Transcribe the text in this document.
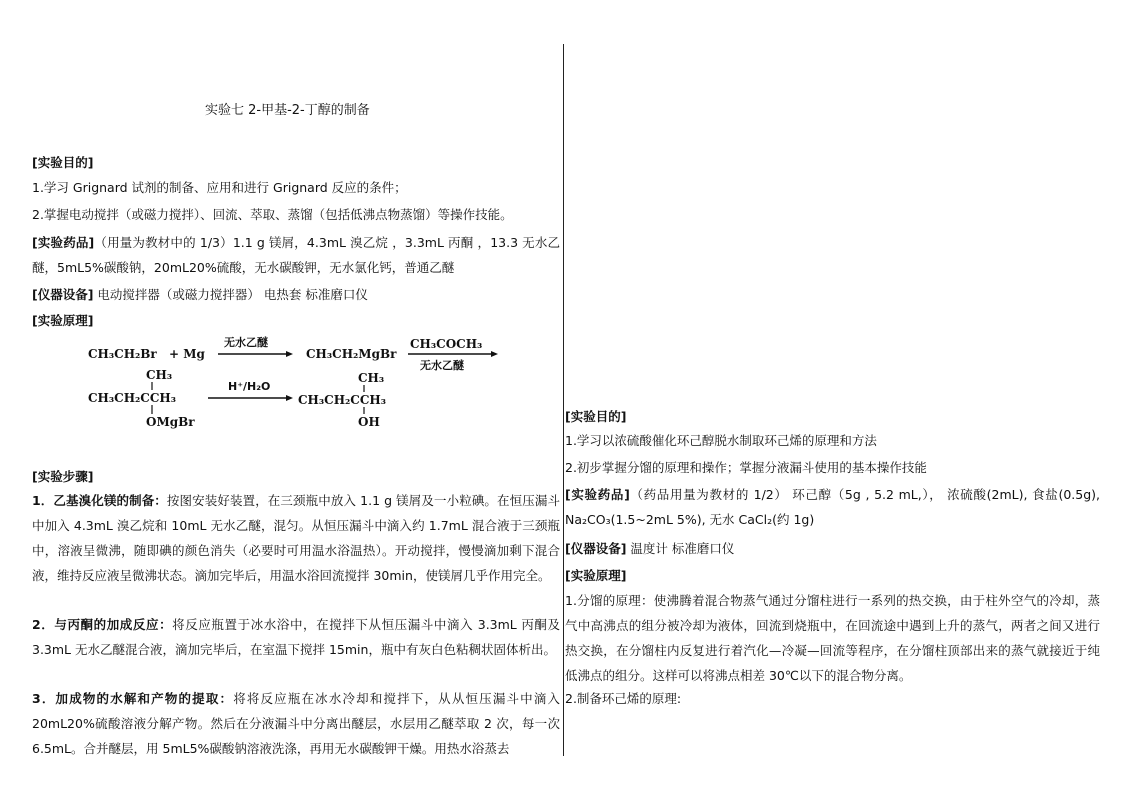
实验七 2-甲基-2-丁醇的制备
[实验目的]
1.学习 Grignard 试剂的制备、应用和进行 Grignard 反应的条件；
2.掌握电动搅拌（或磁力搅拌）、回流、萃取、蒸馏（包括低沸点物蒸馏）等操作技能。
[实验药品]（用量为教材中的 1/3）1.1 g 镁屑，4.3mL 溴乙烷 ，3.3mL 丙酮 ，13.3 无水乙醚，5mL5%碳酸钠，20mL20%硫酸，无水碳酸钾，无水氯化钙，普通乙醚
[仪器设备] 电动搅拌器（或磁力搅拌器） 电热套 标准磨口仪
[实验原理]
CH₃CH₂Br + Mg
无水乙醚
CH₃CH₂MgBr
CH₃COCH₃
无水乙醚
CH₃
CH₃CH₂CCH₃
OMgBr
H⁺/H₂O
CH₃
CH₃CH₂CCH₃
OH
[实验步骤]
1．乙基溴化镁的制备：按图安装好装置，在三颈瓶中放入 1.1 g 镁屑及一小粒碘。在恒压漏斗中加入 4.3mL 溴乙烷和 10mL 无水乙醚，混匀。从恒压漏斗中滴入约 1.7mL 混合液于三颈瓶中，溶液呈微沸，随即碘的颜色消失（必要时可用温水浴温热）。开动搅拌，慢慢滴加剩下混合液，维持反应液呈微沸状态。滴加完毕后，用温水浴回流搅拌 30min，使镁屑几乎作用完全。
2．与丙酮的加成反应：将反应瓶置于冰水浴中，在搅拌下从恒压漏斗中滴入 3.3mL 丙酮及 3.3mL 无水乙醚混合液，滴加完毕后，在室温下搅拌 15min，瓶中有灰白色粘稠状固体析出。
3．加成物的水解和产物的提取：将将反应瓶在冰水冷却和搅拌下，从从恒压漏斗中滴入 20mL20%硫酸溶液分解产物。然后在分液漏斗中分离出醚层，水层用乙醚萃取 2 次，每一次 6.5mL。合并醚层，用 5mL5%碳酸钠溶液洗涤，再用无水碳酸钾干燥。用热水浴蒸去
[实验目的]
1.学习以浓硫酸催化环己醇脱水制取环己烯的原理和方法
2.初步掌握分馏的原理和操作；掌握分液漏斗使用的基本操作技能
[实验药品]（药品用量为教材的 1/2） 环己醇（5g , 5.2 mL,）， 浓硫酸(2mL), 食盐(0.5g), Na₂CO₃(1.5~2mL 5%), 无水 CaCl₂(约 1g)
[仪器设备] 温度计 标准磨口仪
[实验原理]
1.分馏的原理：使沸腾着混合物蒸气通过分馏柱进行一系列的热交换，由于柱外空气的冷却，蒸气中高沸点的组分被冷却为液体，回流到烧瓶中，在回流途中遇到上升的蒸气，两者之间又进行热交换，在分馏柱内反复进行着汽化—冷凝—回流等程序，在分馏柱顶部出来的蒸气就接近于纯低沸点的组分。这样可以将沸点相差 30℃以下的混合物分离。
2.制备环己烯的原理:
